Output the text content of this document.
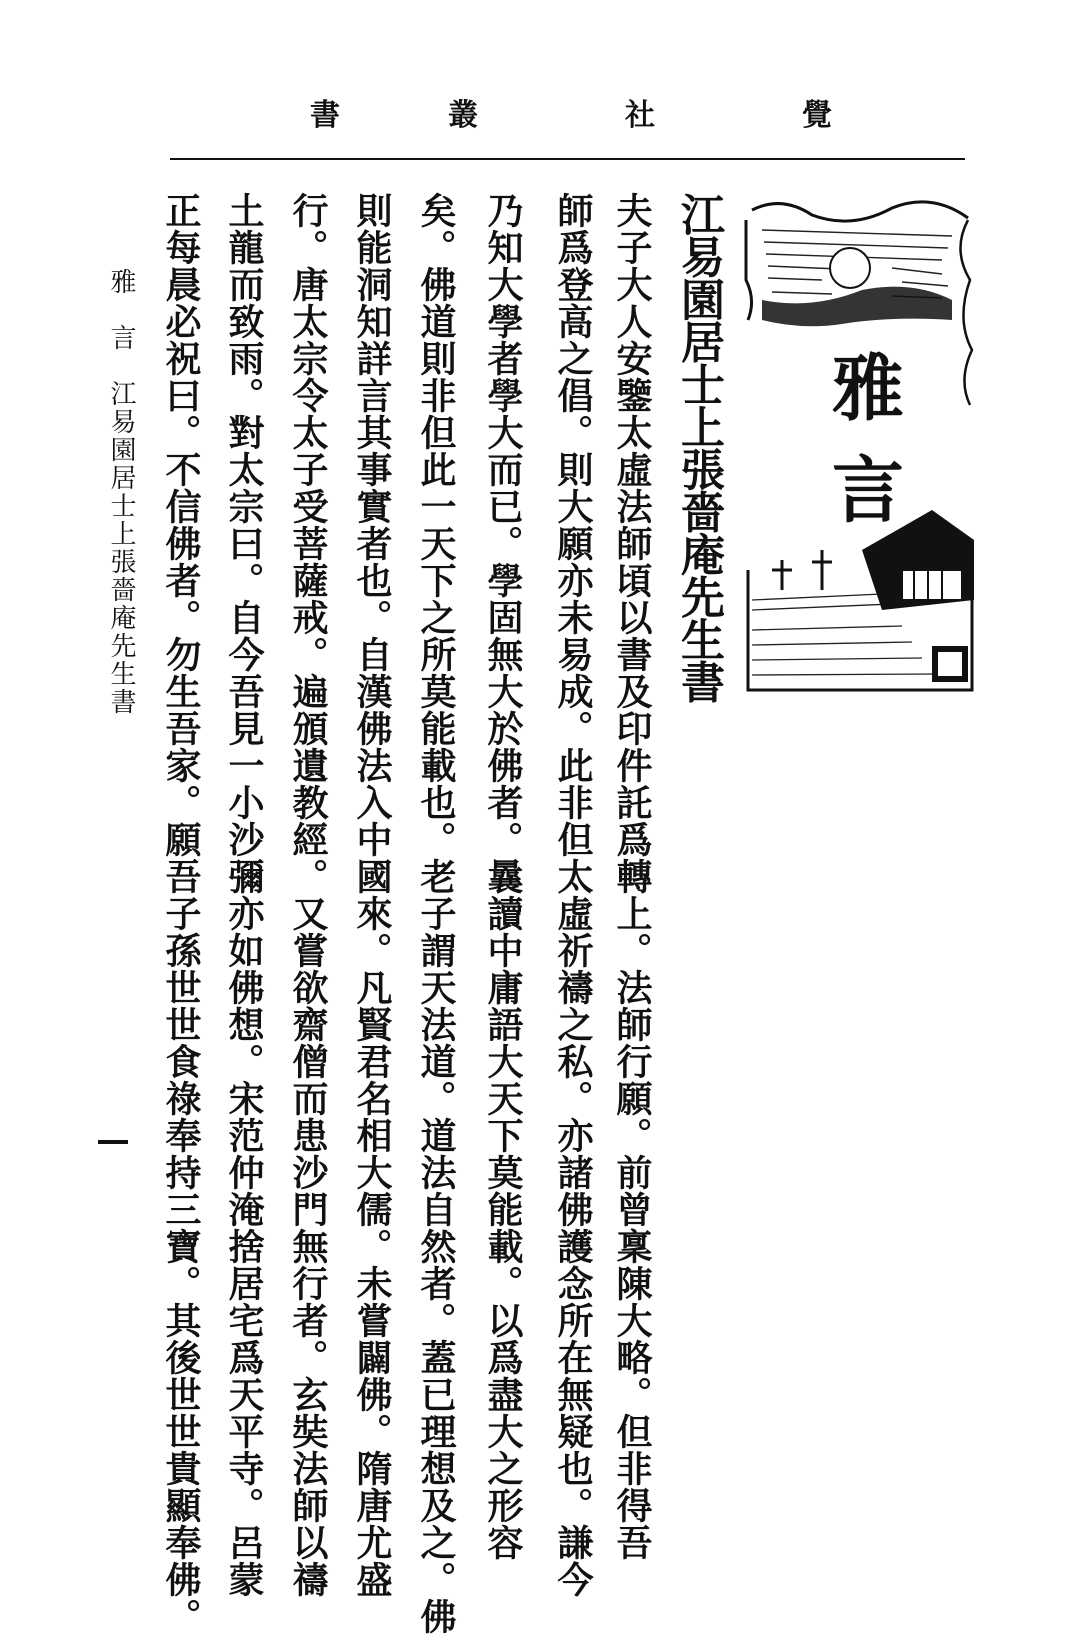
覺
社
叢
書
雅言
江易園居士上張嗇庵先生書
夫子大人安鑒太虛法師頃以書及印件託爲轉上。法師行願。前曾稟陳大略。但非得吾
師爲登高之倡。則大願亦未易成。此非但太虛祈禱之私。亦諸佛護念所在無疑也。謙今
乃知大學者學大而已。學固無大於佛者。曩讀中庸語大天下莫能載。以爲盡大之形容
矣。佛道則非但此一天下之所莫能載也。老子謂天法道。道法自然者。蓋已理想及之。佛
則能洞知詳言其事實者也。自漢佛法入中國來。凡賢君名相大儒。未嘗闢佛。隋唐尤盛
行。唐太宗令太子受菩薩戒。遍頒遺教經。又嘗欲齋僧而患沙門無行者。玄奘法師以禱
土龍而致雨。對太宗曰。自今吾見一小沙彌亦如佛想。宋范仲淹捨居宅爲天平寺。呂蒙
正每晨必祝曰。不信佛者。勿生吾家。願吾子孫世世食祿奉持三寶。其後世世貴顯奉佛。
雅　言　江易園居士上張嗇庵先生書
